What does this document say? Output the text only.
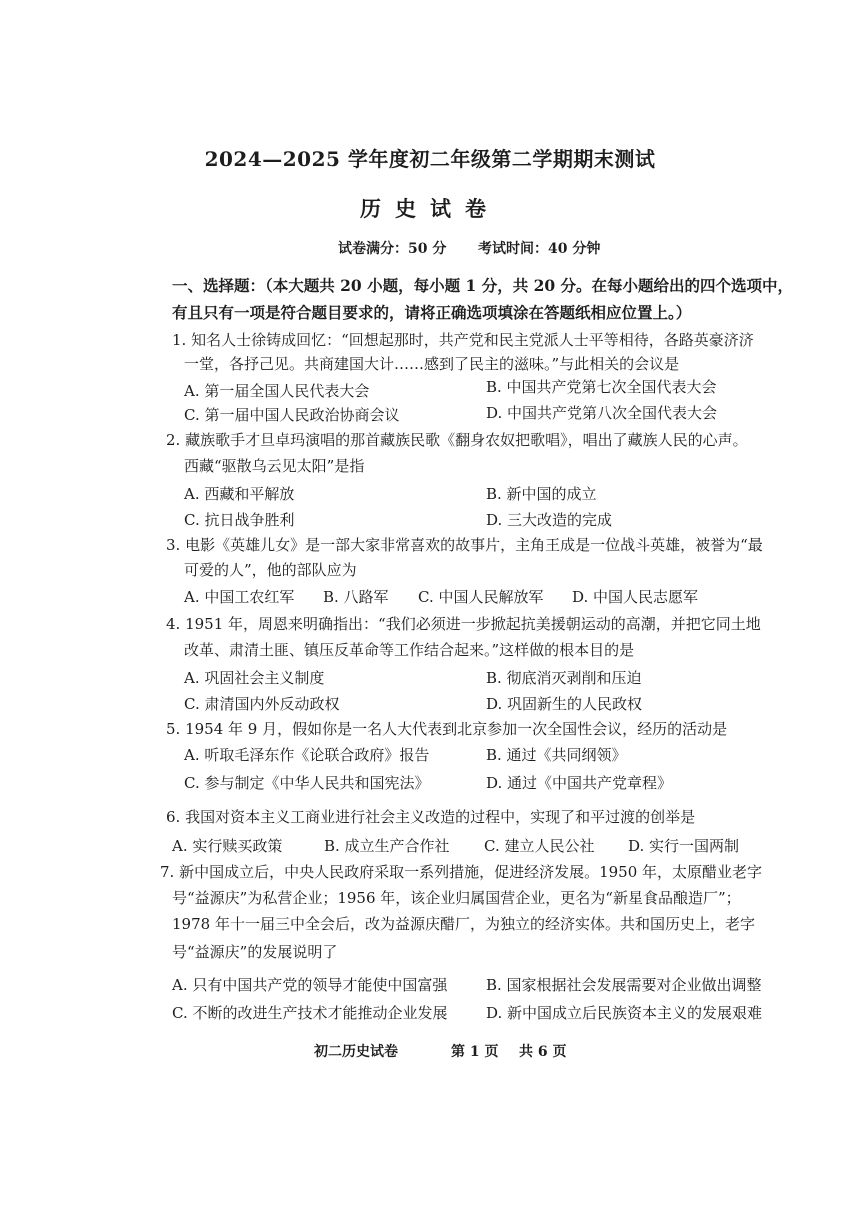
2024—2025 学年度初二年级第二学期期末测试
历史试卷
试卷满分：50 分 考试时间：40 分钟
一、选择题：（本大题共 20 小题，每小题 1 分，共 20 分。在每小题给出的四个选项中，
有且只有一项是符合题目要求的，请将正确选项填涂在答题纸相应位置上。）
1. 知名人士徐铸成回忆：“回想起那时，共产党和民主党派人士平等相待，各路英豪济济
一堂，各抒己见。共商建国大计……感到了民主的滋味。”与此相关的会议是
A. 第一届全国人民代表大会	B. 中国共产党第七次全国代表大会
C. 第一届中国人民政治协商会议	D. 中国共产党第八次全国代表大会
2. 藏族歌手才旦卓玛演唱的那首藏族民歌《翻身农奴把歌唱》，唱出了藏族人民的心声。
西藏“驱散乌云见太阳”是指
A. 西藏和平解放	B. 新中国的成立
C. 抗日战争胜利	D. 三大改造的完成
3. 电影《英雄儿女》是一部大家非常喜欢的故事片，主角王成是一位战斗英雄，被誉为“最
可爱的人”，他的部队应为
A. 中国工农红军 B. 八路军 C. 中国人民解放军 D. 中国人民志愿军
4. 1951 年，周恩来明确指出：“我们必须进一步掀起抗美援朝运动的高潮，并把它同土地
改革、肃清土匪、镇压反革命等工作结合起来。”这样做的根本目的是
A. 巩固社会主义制度	B. 彻底消灭剥削和压迫
C. 肃清国内外反动政权	D. 巩固新生的人民政权
5. 1954 年 9 月，假如你是一名人大代表到北京参加一次全国性会议，经历的活动是
A. 听取毛泽东作《论联合政府》报告	B. 通过《共同纲领》
C. 参与制定《中华人民共和国宪法》	D. 通过《中国共产党章程》
6. 我国对资本主义工商业进行社会主义改造的过程中，实现了和平过渡的创举是
A. 实行赎买政策	B. 成立生产合作社 C. 建立人民公社 D. 实行一国两制
7. 新中国成立后，中央人民政府采取一系列措施，促进经济发展。1950 年，太原醋业老字
号“益源庆”为私营企业；1956 年，该企业归属国营企业，更名为“新星食品酿造厂”；
1978 年十一届三中全会后，改为益源庆醋厂，为独立的经济实体。共和国历史上，老字
号“益源庆”的发展说明了
A. 只有中国共产党的领导才能使中国富强	B. 国家根据社会发展需要对企业做出调整
C. 不断的改进生产技术才能推动企业发展	D. 新中国成立后民族资本主义的发展艰难
初二历史试卷	第 1 页 共 6 页
